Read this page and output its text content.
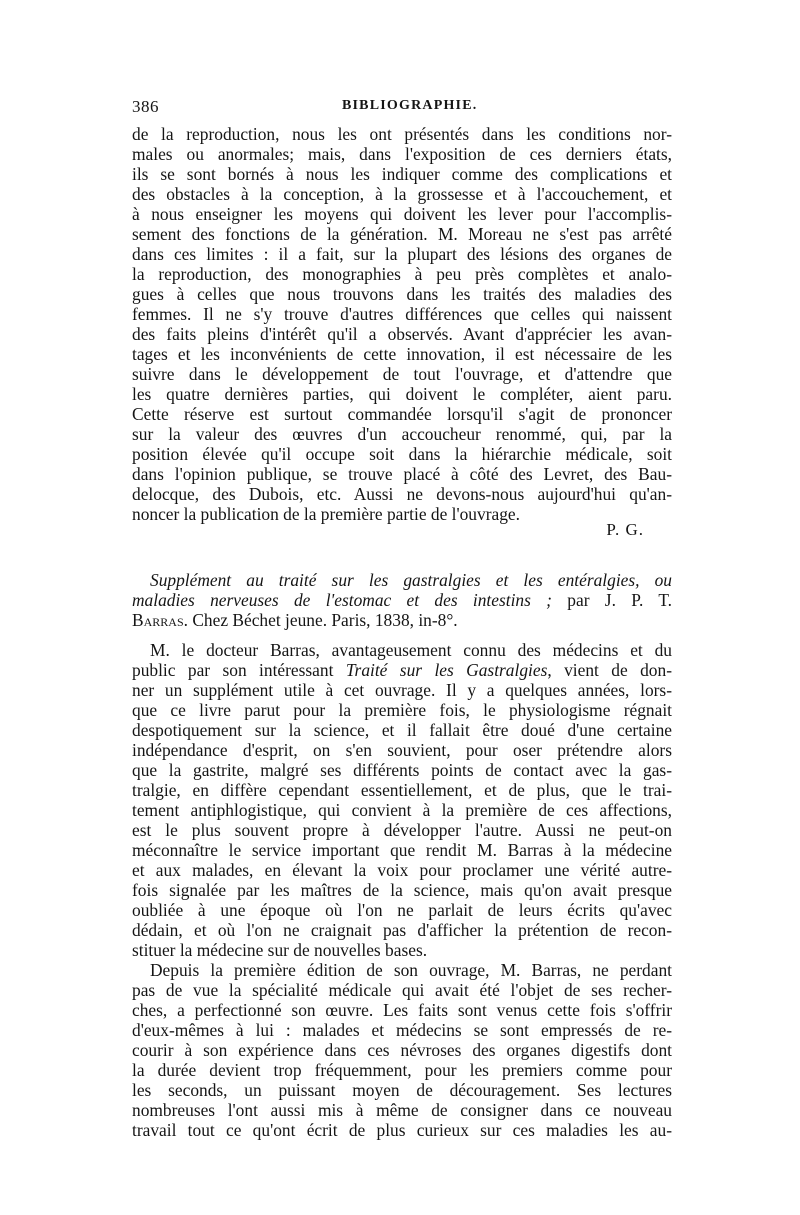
386	BIBLIOGRAPHIE.
de la reproduction, nous les ont présentés dans les conditions nor-
males ou anormales; mais, dans l'exposition de ces derniers états,
ils se sont bornés à nous les indiquer comme des complications et
des obstacles à la conception, à la grossesse et à l'accouchement, et
à nous enseigner les moyens qui doivent les lever pour l'accomplis-
sement des fonctions de la génération. M. Moreau ne s'est pas arrêté
dans ces limites : il a fait, sur la plupart des lésions des organes de
la reproduction, des monographies à peu près complètes et analo-
gues à celles que nous trouvons dans les traités des maladies des
femmes. Il ne s'y trouve d'autres différences que celles qui naissent
des faits pleins d'intérêt qu'il a observés. Avant d'apprécier les avan-
tages et les inconvénients de cette innovation, il est nécessaire de les
suivre dans le développement de tout l'ouvrage, et d'attendre que
les quatre dernières parties, qui doivent le compléter, aient paru.
Cette réserve est surtout commandée lorsqu'il s'agit de prononcer
sur la valeur des œuvres d'un accoucheur renommé, qui, par la
position élevée qu'il occupe soit dans la hiérarchie médicale, soit
dans l'opinion publique, se trouve placé à côté des Levret, des Bau-
delocque, des Dubois, etc. Aussi ne devons-nous aujourd'hui qu'an-
noncer la publication de la première partie de l'ouvrage.
P. G.
Supplément au traité sur les gastralgies et les entéralgies, ou
maladies nerveuses de l'estomac et des intestins ; par J. P. T.
Barras. Chez Béchet jeune. Paris, 1838, in-8°.
M. le docteur Barras, avantageusement connu des médecins et du
public par son intéressant Traité sur les Gastralgies, vient de don-
ner un supplément utile à cet ouvrage. Il y a quelques années, lors-
que ce livre parut pour la première fois, le physiologisme régnait
despotiquement sur la science, et il fallait être doué d'une certaine
indépendance d'esprit, on s'en souvient, pour oser prétendre alors
que la gastrite, malgré ses différents points de contact avec la gas-
tralgie, en diffère cependant essentiellement, et de plus, que le trai-
tement antiphlogistique, qui convient à la première de ces affections,
est le plus souvent propre à développer l'autre. Aussi ne peut-on
méconnaître le service important que rendit M. Barras à la médecine
et aux malades, en élevant la voix pour proclamer une vérité autre-
fois signalée par les maîtres de la science, mais qu'on avait presque
oubliée à une époque où l'on ne parlait de leurs écrits qu'avec
dédain, et où l'on ne craignait pas d'afficher la prétention de recon-
stituer la médecine sur de nouvelles bases.
Depuis la première édition de son ouvrage, M. Barras, ne perdant
pas de vue la spécialité médicale qui avait été l'objet de ses recher-
ches, a perfectionné son œuvre. Les faits sont venus cette fois s'offrir
d'eux-mêmes à lui : malades et médecins se sont empressés de re-
courir à son expérience dans ces névroses des organes digestifs dont
la durée devient trop fréquemment, pour les premiers comme pour
les seconds, un puissant moyen de découragement. Ses lectures
nombreuses l'ont aussi mis à même de consigner dans ce nouveau
travail tout ce qu'ont écrit de plus curieux sur ces maladies les au-
